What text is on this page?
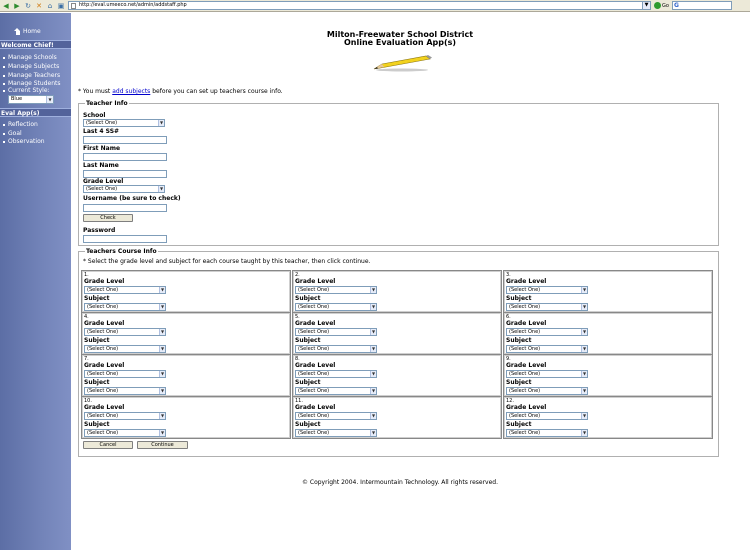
◀ ▶ ↻ ✕ ⌂ ▣	http://eval.umeeco.net/admin/addstaff.php	▼	Go G
Home
Welcome Chief!
Manage Schools
Manage Subjects
Manage Teachers
Manage Students
Current Style:
Blue	▼
Eval App(s)
Reflection
Goal
Observation
Milton-Freewater School District
Online Evaluation App(s)
* You must add subjects before you can set up teachers course info.
Teacher Info
School
(Select One)	▼
Last 4 SS#
First Name
Last Name
Grade Level
(Select One)	▼
Username (be sure to check)
Check
Password
Teachers Course Info
* Select the grade level and subject for each course taught by this teacher, then click continue.
1.
Grade Level
(Select One)	▼
Subject
(Select One)	▼
2.
Grade Level
(Select One)	▼
Subject
(Select One)	▼
3.
Grade Level
(Select One)	▼
Subject
(Select One)	▼
4.
Grade Level
(Select One)	▼
Subject
(Select One)	▼
5.
Grade Level
(Select One)	▼
Subject
(Select One)	▼
6.
Grade Level
(Select One)	▼
Subject
(Select One)	▼
7.
Grade Level
(Select One)	▼
Subject
(Select One)	▼
8.
Grade Level
(Select One)	▼
Subject
(Select One)	▼
9.
Grade Level
(Select One)	▼
Subject
(Select One)	▼
10.
Grade Level
(Select One)	▼
Subject
(Select One)	▼
11.
Grade Level
(Select One)	▼
Subject
(Select One)	▼
12.
Grade Level
(Select One)	▼
Subject
(Select One)	▼
Cancel	Continue
© Copyright 2004. Intermountain Technology. All rights reserved.
